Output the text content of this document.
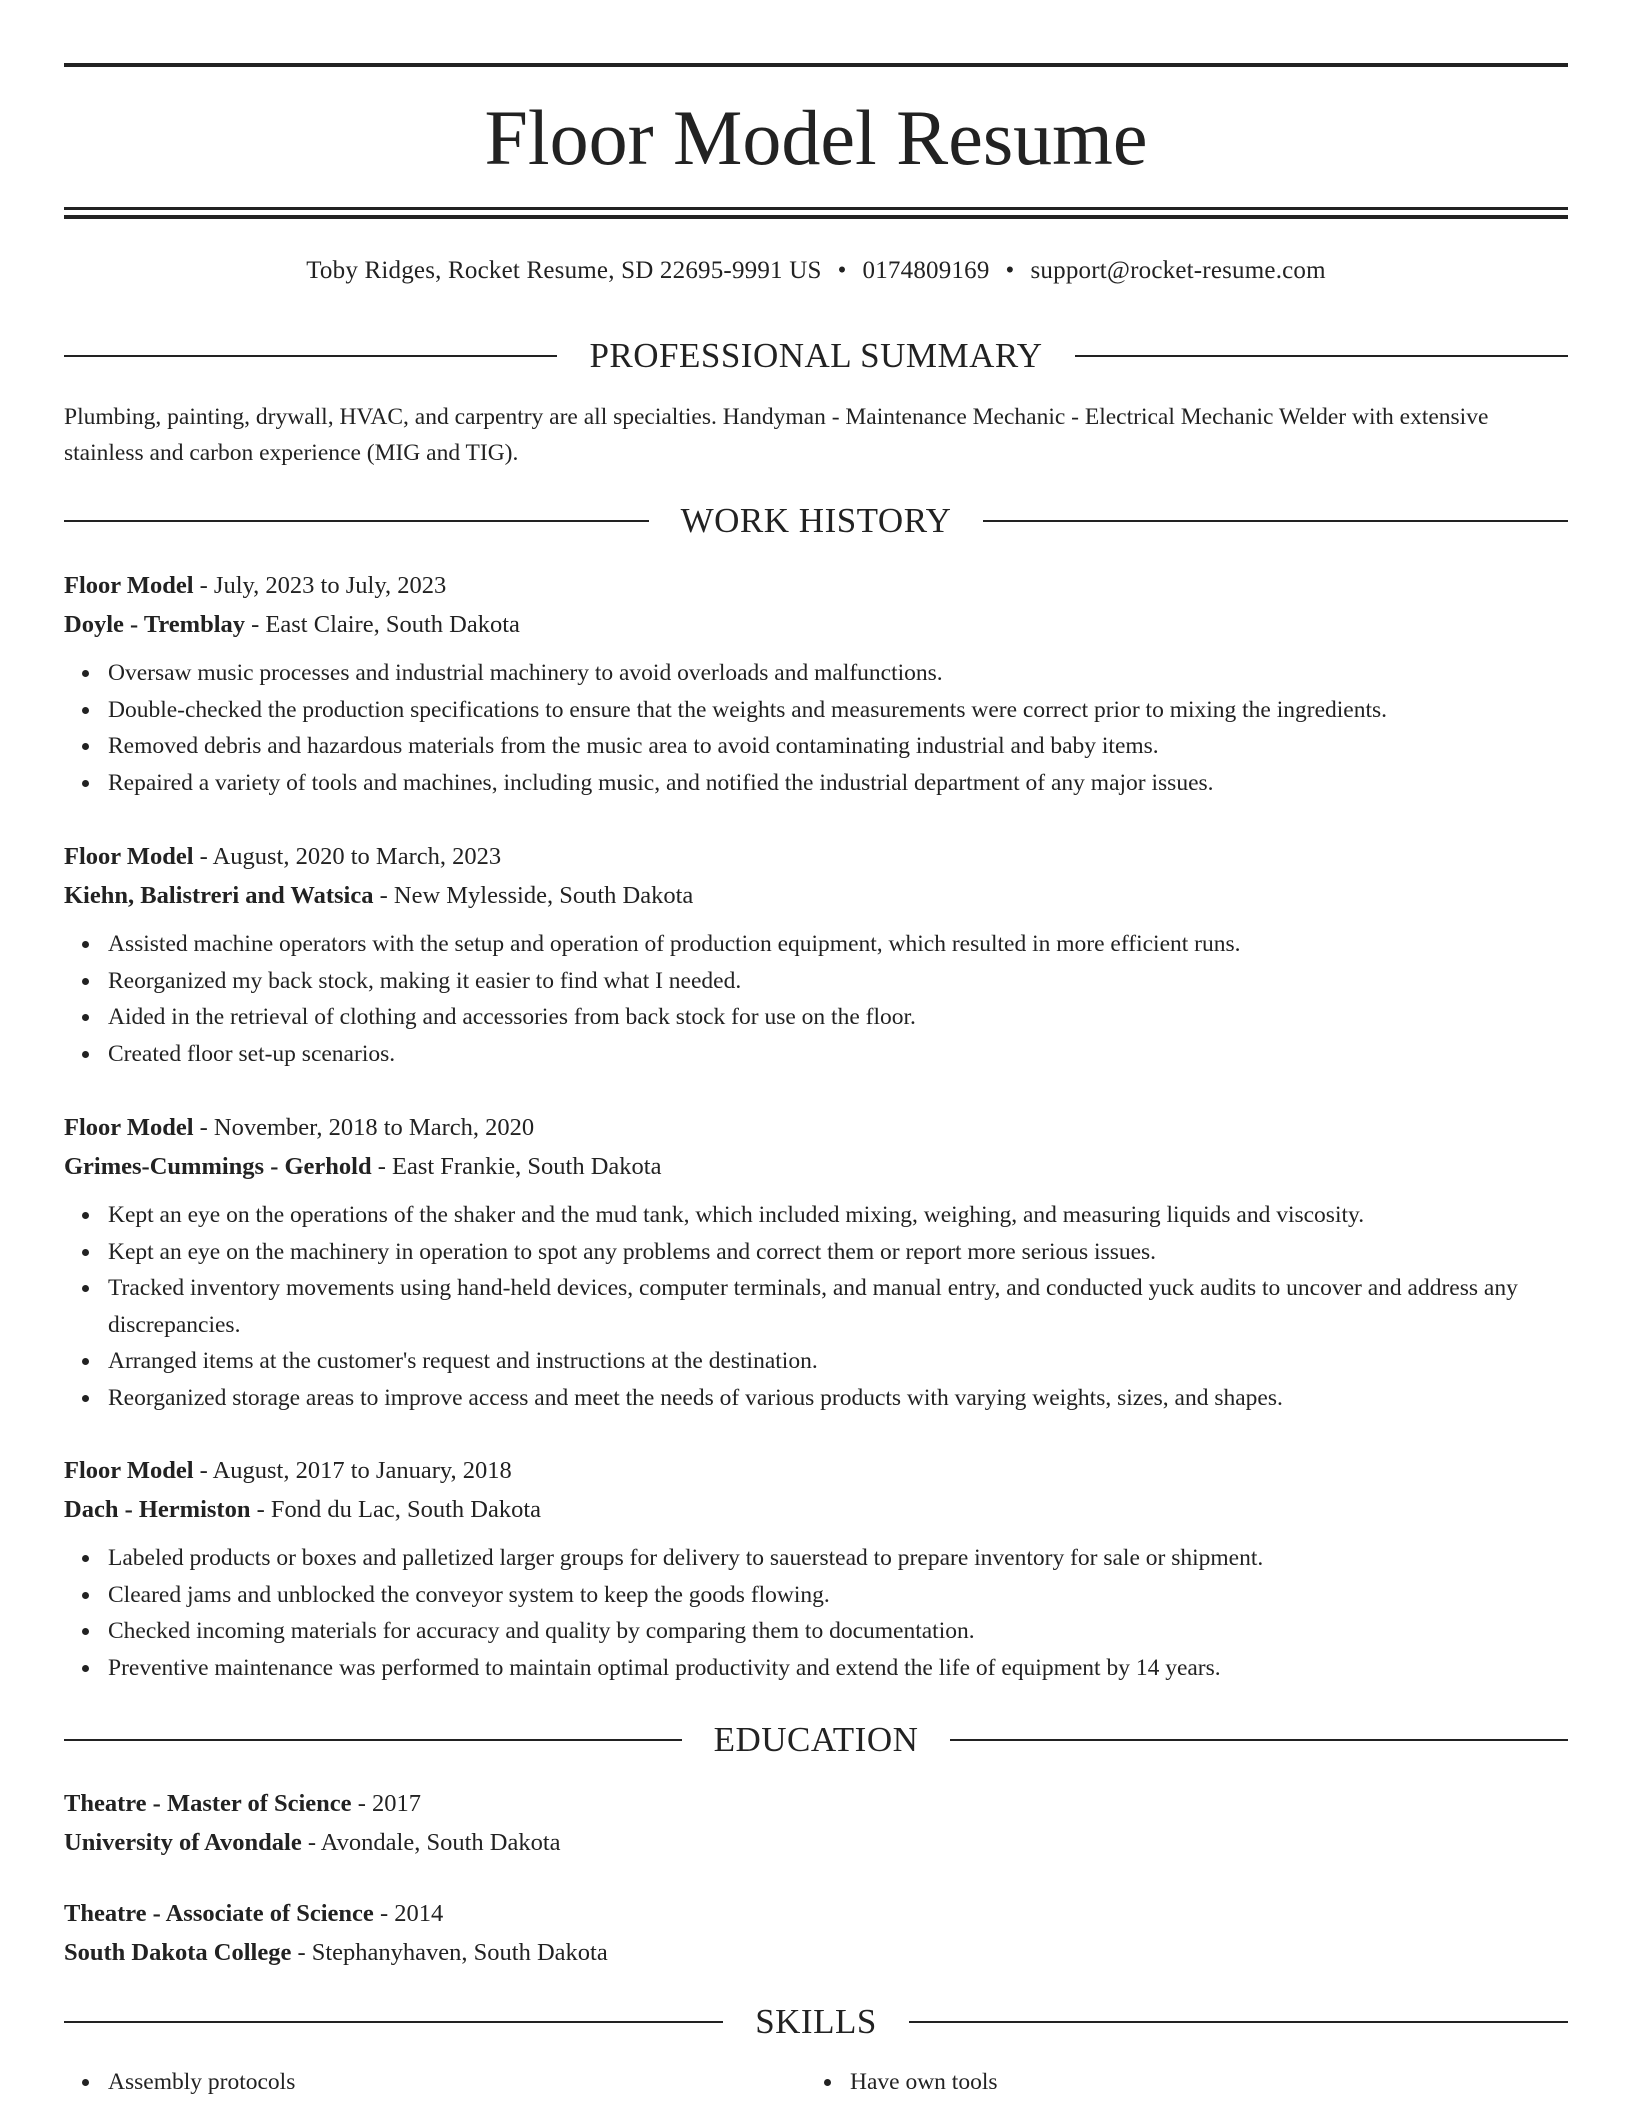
Floor Model Resume
Toby Ridges, Rocket Resume, SD 22695-9991 US • 0174809169 • support@rocket-resume.com
PROFESSIONAL SUMMARY

Plumbing, painting, drywall, HVAC, and carpentry are all specialties. Handyman - Maintenance Mechanic - Electrical Mechanic Welder with extensive stainless and carbon experience (MIG and TIG).

WORK HISTORY
Floor Model - July, 2023 to July, 2023
Doyle - Tremblay - East Claire, South Dakota
Oversaw music processes and industrial machinery to avoid overloads and malfunctions.
Double-checked the production specifications to ensure that the weights and measurements were correct prior to mixing the ingredients.
Removed debris and hazardous materials from the music area to avoid contaminating industrial and baby items.
Repaired a variety of tools and machines, including music, and notified the industrial department of any major issues.
Floor Model - August, 2020 to March, 2023
Kiehn, Balistreri and Watsica - New Mylesside, South Dakota
Assisted machine operators with the setup and operation of production equipment, which resulted in more efficient runs.
Reorganized my back stock, making it easier to find what I needed.
Aided in the retrieval of clothing and accessories from back stock for use on the floor.
Created floor set-up scenarios.
Floor Model - November, 2018 to March, 2020
Grimes-Cummings - Gerhold - East Frankie, South Dakota
Kept an eye on the operations of the shaker and the mud tank, which included mixing, weighing, and measuring liquids and viscosity.
Kept an eye on the machinery in operation to spot any problems and correct them or report more serious issues.
Tracked inventory movements using hand-held devices, computer terminals, and manual entry, and conducted yuck audits to uncover and address any discrepancies.
Arranged items at the customer's request and instructions at the destination.
Reorganized storage areas to improve access and meet the needs of various products with varying weights, sizes, and shapes.
Floor Model - August, 2017 to January, 2018
Dach - Hermiston - Fond du Lac, South Dakota
Labeled products or boxes and palletized larger groups for delivery to sauerstead to prepare inventory for sale or shipment.
Cleared jams and unblocked the conveyor system to keep the goods flowing.
Checked incoming materials for accuracy and quality by comparing them to documentation.
Preventive maintenance was performed to maintain optimal productivity and extend the life of equipment by 14 years.
EDUCATION
Theatre - Master of Science - 2017
University of Avondale - Avondale, South Dakota
Theatre - Associate of Science - 2014
South Dakota College - Stephanyhaven, South Dakota
SKILLS
Assembly protocols	Have own tools
